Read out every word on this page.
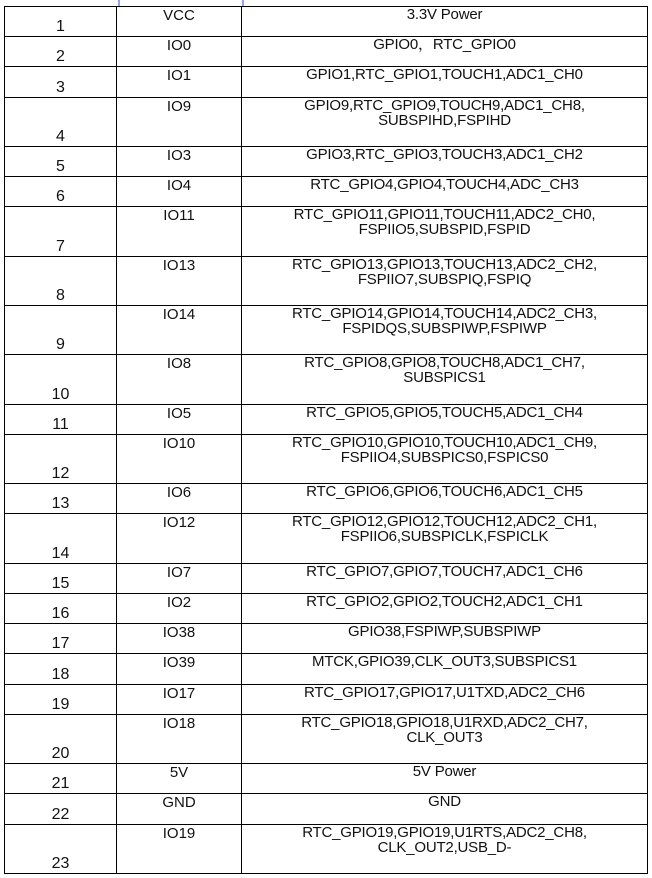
1	VCC	3.3V Power
2	IO0	GPIO0，RTC_GPIO0
3	IO1	GPIO1,RTC_GPIO1,TOUCH1,ADC1_CH0
4	IO9	GPIO9,RTC_GPIO9,TOUCH9,ADC1_CH8,
SUBSPIHD,FSPIHD
5	IO3	GPIO3,RTC_GPIO3,TOUCH3,ADC1_CH2
6	IO4	RTC_GPIO4,GPIO4,TOUCH4,ADC_CH3
7	IO11	RTC_GPIO11,GPIO11,TOUCH11,ADC2_CH0,
FSPIIO5,SUBSPID,FSPID
8	IO13	RTC_GPIO13,GPIO13,TOUCH13,ADC2_CH2,
FSPIIO7,SUBSPIQ,FSPIQ
9	IO14	RTC_GPIO14,GPIO14,TOUCH14,ADC2_CH3,
FSPIDQS,SUBSPIWP,FSPIWP
10	IO8	RTC_GPIO8,GPIO8,TOUCH8,ADC1_CH7,
SUBSPICS1
11	IO5	RTC_GPIO5,GPIO5,TOUCH5,ADC1_CH4
12	IO10	RTC_GPIO10,GPIO10,TOUCH10,ADC1_CH9,
FSPIIO4,SUBSPICS0,FSPICS0
13	IO6	RTC_GPIO6,GPIO6,TOUCH6,ADC1_CH5
14	IO12	RTC_GPIO12,GPIO12,TOUCH12,ADC2_CH1,
FSPIIO6,SUBSPICLK,FSPICLK
15	IO7	RTC_GPIO7,GPIO7,TOUCH7,ADC1_CH6
16	IO2	RTC_GPIO2,GPIO2,TOUCH2,ADC1_CH1
17	IO38	GPIO38,FSPIWP,SUBSPIWP
18	IO39	MTCK,GPIO39,CLK_OUT3,SUBSPICS1
19	IO17	RTC_GPIO17,GPIO17,U1TXD,ADC2_CH6
20	IO18	RTC_GPIO18,GPIO18,U1RXD,ADC2_CH7,
CLK_OUT3
21	5V	5V Power
22	GND	GND
23	IO19	RTC_GPIO19,GPIO19,U1RTS,ADC2_CH8,
CLK_OUT2,USB_D-
